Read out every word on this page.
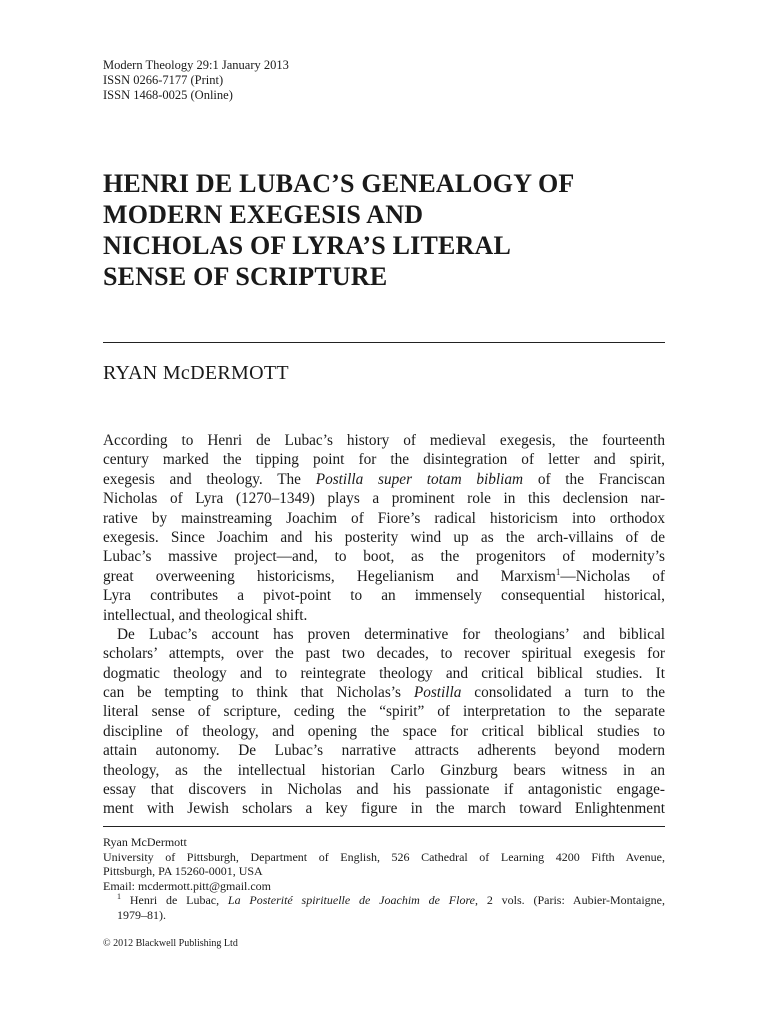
Modern Theology 29:1 January 2013
ISSN 0266-7177 (Print)
ISSN 1468-0025 (Online)
HENRI DE LUBAC’S GENEALOGY OF
MODERN EXEGESIS AND
NICHOLAS OF LYRA’S LITERAL
SENSE OF SCRIPTURE
RYAN McDERMOTT
According to Henri de Lubac’s history of medieval exegesis, the fourteenth
century marked the tipping point for the disintegration of letter and spirit,
exegesis and theology. The Postilla super totam bibliam of the Franciscan
Nicholas of Lyra (1270–1349) plays a prominent role in this declension nar-
rative by mainstreaming Joachim of Fiore’s radical historicism into orthodox
exegesis. Since Joachim and his posterity wind up as the arch-villains of de
Lubac’s massive project—and, to boot, as the progenitors of modernity’s
great overweening historicisms, Hegelianism and Marxism$^1$—Nicholas of
Lyra contributes a pivot-point to an immensely consequential historical,
intellectual, and theological shift.
De Lubac’s account has proven determinative for theologians’ and biblical
scholars’ attempts, over the past two decades, to recover spiritual exegesis for
dogmatic theology and to reintegrate theology and critical biblical studies. It
can be tempting to think that Nicholas’s Postilla consolidated a turn to the
literal sense of scripture, ceding the “spirit” of interpretation to the separate
discipline of theology, and opening the space for critical biblical studies to
attain autonomy. De Lubac’s narrative attracts adherents beyond modern
theology, as the intellectual historian Carlo Ginzburg bears witness in an
essay that discovers in Nicholas and his passionate if antagonistic engage-
ment with Jewish scholars a key figure in the march toward Enlightenment
Ryan McDermott
University of Pittsburgh, Department of English, 526 Cathedral of Learning 4200 Fifth Avenue,
Pittsburgh, PA 15260-0001, USA
Email: mcdermott.pitt@gmail.com
$^1$ Henri de Lubac, La Posterité spirituelle de Joachim de Flore, 2 vols. (Paris: Aubier-Montaigne,
1979–81).
© 2012 Blackwell Publishing Ltd
